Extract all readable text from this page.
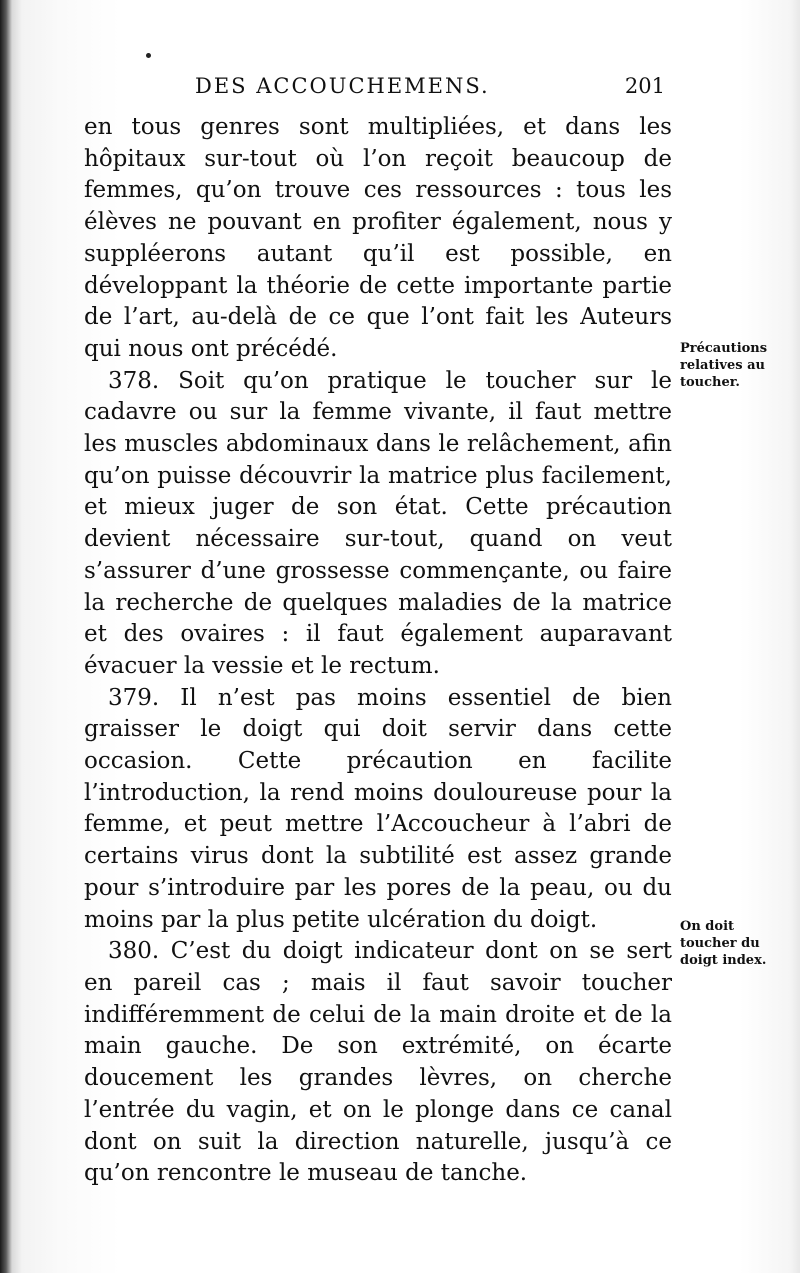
DES ACCOUCHEMENS.	201

en tous genres sont multipliées, et dans les hôpitaux sur-tout où l’on reçoit beaucoup de femmes, qu’on trouve ces ressources : tous les élèves ne pouvant en profiter également, nous y suppléerons autant qu’il est possible, en développant la théorie de cette importante partie de l’art, au-delà de ce que l’ont fait les Auteurs qui nous ont précédé.

378. Soit qu’on pratique le toucher sur le cadavre ou sur la femme vivante, il faut mettre les muscles abdominaux dans le relâchement, afin qu’on puisse découvrir la matrice plus facilement, et mieux juger de son état. Cette précaution devient nécessaire sur-tout, quand on veut s’assurer d’une grossesse commençante, ou faire la recherche de quelques maladies de la matrice et des ovaires : il faut également auparavant évacuer la vessie et le rectum.

379. Il n’est pas moins essentiel de bien graisser le doigt qui doit servir dans cette occasion. Cette précaution en facilite l’introduction, la rend moins douloureuse pour la femme, et peut mettre l’Accoucheur à l’abri de certains virus dont la subtilité est assez grande pour s’introduire par les pores de la peau, ou du moins par la plus petite ulcération du doigt.

380. C’est du doigt indicateur dont on se sert en pareil cas ; mais il faut savoir toucher indifféremment de celui de la main droite et de la main gauche. De son extrémité, on écarte doucement les grandes lèvres, on cherche l’entrée du vagin, et on le plonge dans ce canal dont on suit la direction naturelle, jusqu’à ce qu’on rencontre le museau de tanche.

Précautions relatives au toucher.
On doit toucher du doigt index.
